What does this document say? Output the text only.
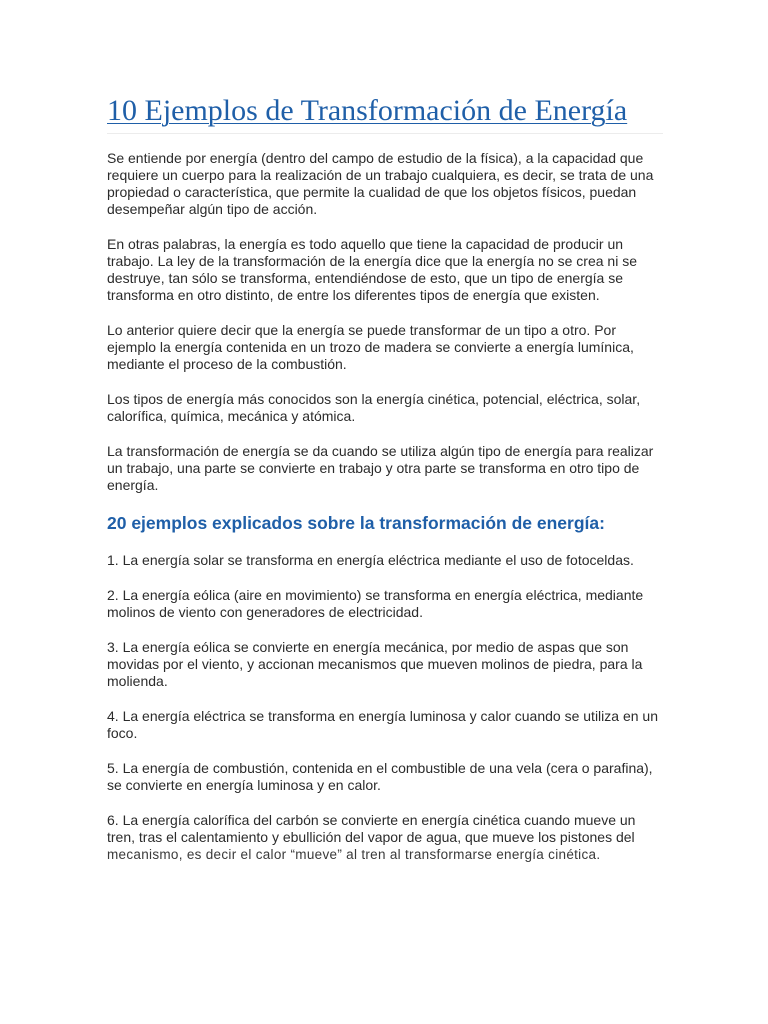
10 Ejemplos de Transformación de Energía

Se entiende por energía (dentro del campo de estudio de la física), a la capacidad que requiere un cuerpo para la realización de un trabajo cualquiera, es decir, se trata de una propiedad o característica, que permite la cualidad de que los objetos físicos, puedan desempeñar algún tipo de acción.

En otras palabras, la energía es todo aquello que tiene la capacidad de producir un trabajo. La ley de la transformación de la energía dice que la energía no se crea ni se destruye, tan sólo se transforma, entendiéndose de esto, que un tipo de energía se transforma en otro distinto, de entre los diferentes tipos de energía que existen.

Lo anterior quiere decir que la energía se puede transformar de un tipo a otro. Por ejemplo la energía contenida en un trozo de madera se convierte a energía lumínica, mediante el proceso de la combustión.

Los tipos de energía más conocidos son la energía cinética, potencial, eléctrica, solar, calorífica, química, mecánica y atómica.

La transformación de energía se da cuando se utiliza algún tipo de energía para realizar un trabajo, una parte se convierte en trabajo y otra parte se transforma en otro tipo de energía.

20 ejemplos explicados sobre la transformación de energía:

1. La energía solar se transforma en energía eléctrica mediante el uso de fotoceldas.

2. La energía eólica (aire en movimiento) se transforma en energía eléctrica, mediante molinos de viento con generadores de electricidad.

3. La energía eólica se convierte en energía mecánica, por medio de aspas que son movidas por el viento, y accionan mecanismos que mueven molinos de piedra, para la molienda.

4. La energía eléctrica se transforma en energía luminosa y calor cuando se utiliza en un foco.

5. La energía de combustión, contenida en el combustible de una vela (cera o parafina), se convierte en energía luminosa y en calor.

6. La energía calorífica del carbón se convierte en energía cinética cuando mueve un tren, tras el calentamiento y ebullición del vapor de agua, que mueve los pistones del mecanismo, es decir el calor “mueve” al tren al transformarse energía cinética.
